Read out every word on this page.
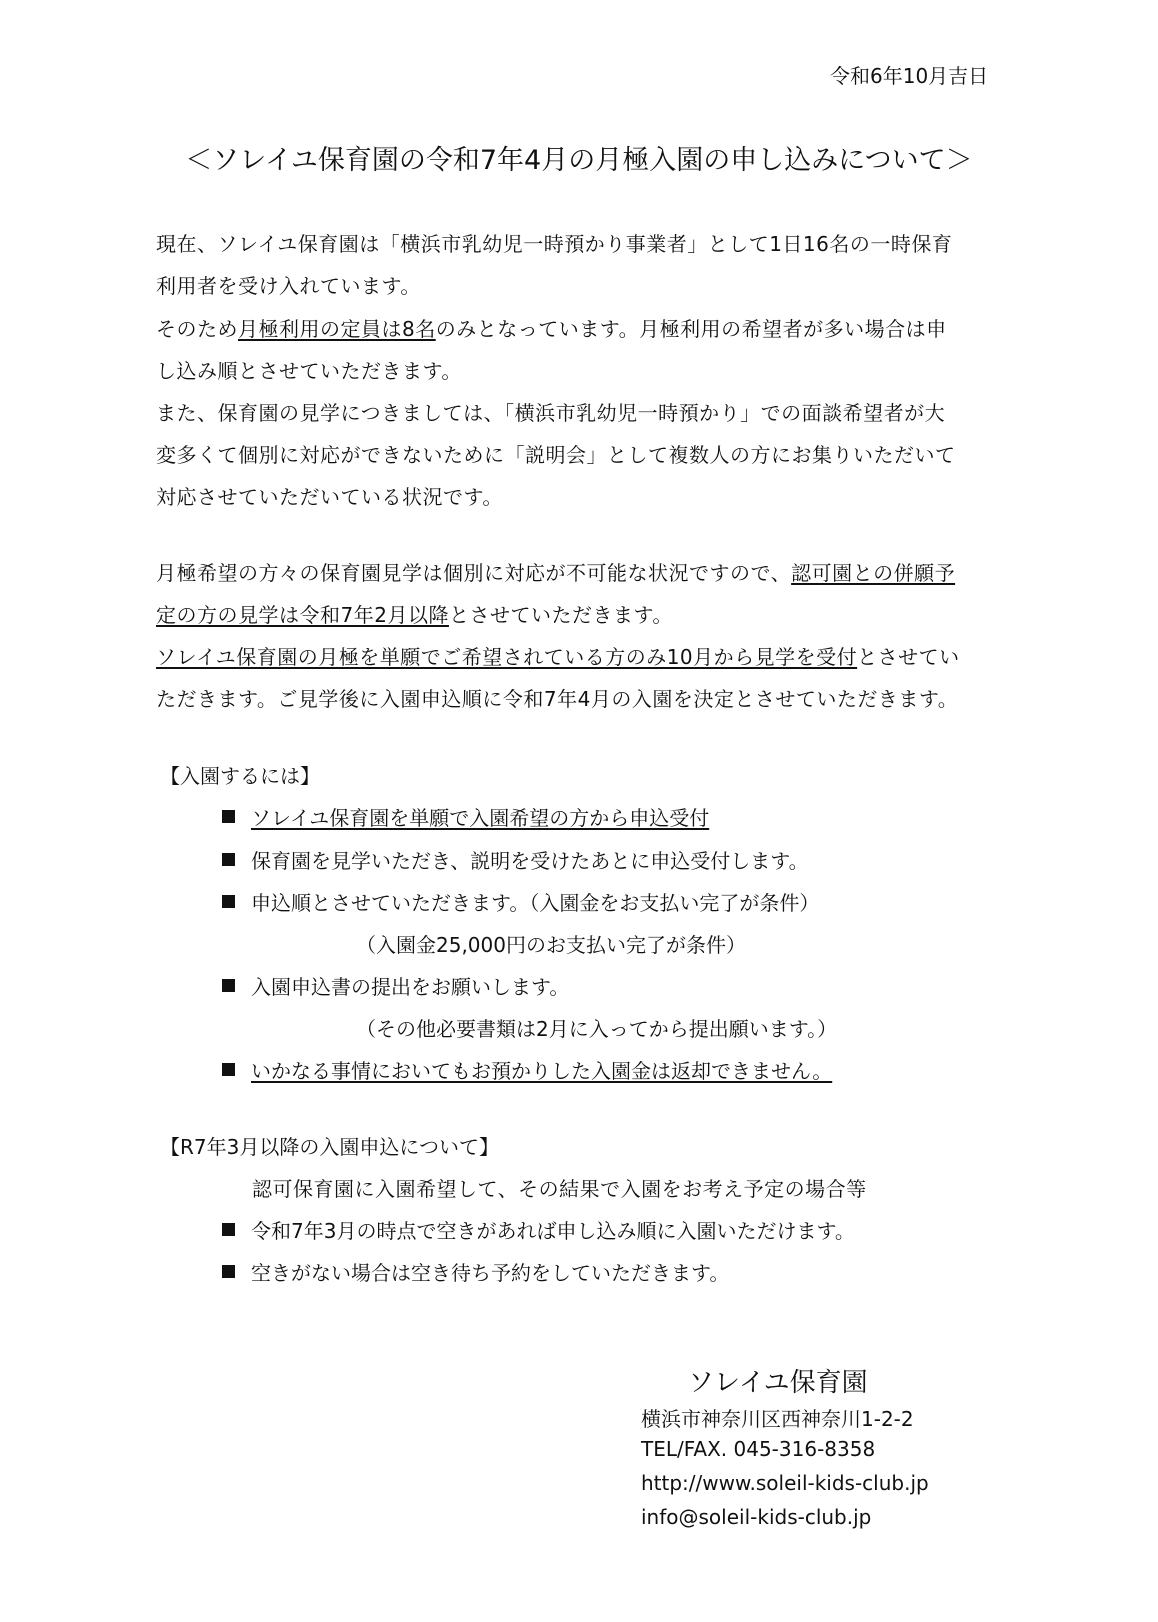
令和6年10月吉日
＜ソレイユ保育園の令和7年4月の月極入園の申し込みについて＞
現在、ソレイユ保育園は「横浜市乳幼児一時預かり事業者」として1日16名の一時保育
利用者を受け入れています。
そのため月極利用の定員は8名のみとなっています。月極利用の希望者が多い場合は申
し込み順とさせていただきます。
また、保育園の見学につきましては、「横浜市乳幼児一時預かり」での面談希望者が大
変多くて個別に対応ができないために「説明会」として複数人の方にお集りいただいて
対応させていただいている状況です。
月極希望の方々の保育園見学は個別に対応が不可能な状況ですので、認可園との併願予
定の方の見学は令和7年2月以降とさせていただきます。
ソレイユ保育園の月極を単願でご希望されている方のみ10月から見学を受付とさせてい
ただきます。ご見学後に入園申込順に令和7年4月の入園を決定とさせていただきます。
【入園するには】
ソレイユ保育園を単願で入園希望の方から申込受付
保育園を見学いただき、説明を受けたあとに申込受付します。
申込順とさせていただきます。（入園金をお支払い完了が条件）
（入園金25,000円のお支払い完了が条件）
入園申込書の提出をお願いします。
（その他必要書類は2月に入ってから提出願います。）
いかなる事情においてもお預かりした入園金は返却できません。
【R7年3月以降の入園申込について】
認可保育園に入園希望して、その結果で入園をお考え予定の場合等
令和7年3月の時点で空きがあれば申し込み順に入園いただけます。
空きがない場合は空き待ち予約をしていただきます。
ソレイユ保育園
横浜市神奈川区西神奈川1-2-2
TEL/FAX. 045-316-8358
http://www.soleil-kids-club.jp
info@soleil-kids-club.jp
